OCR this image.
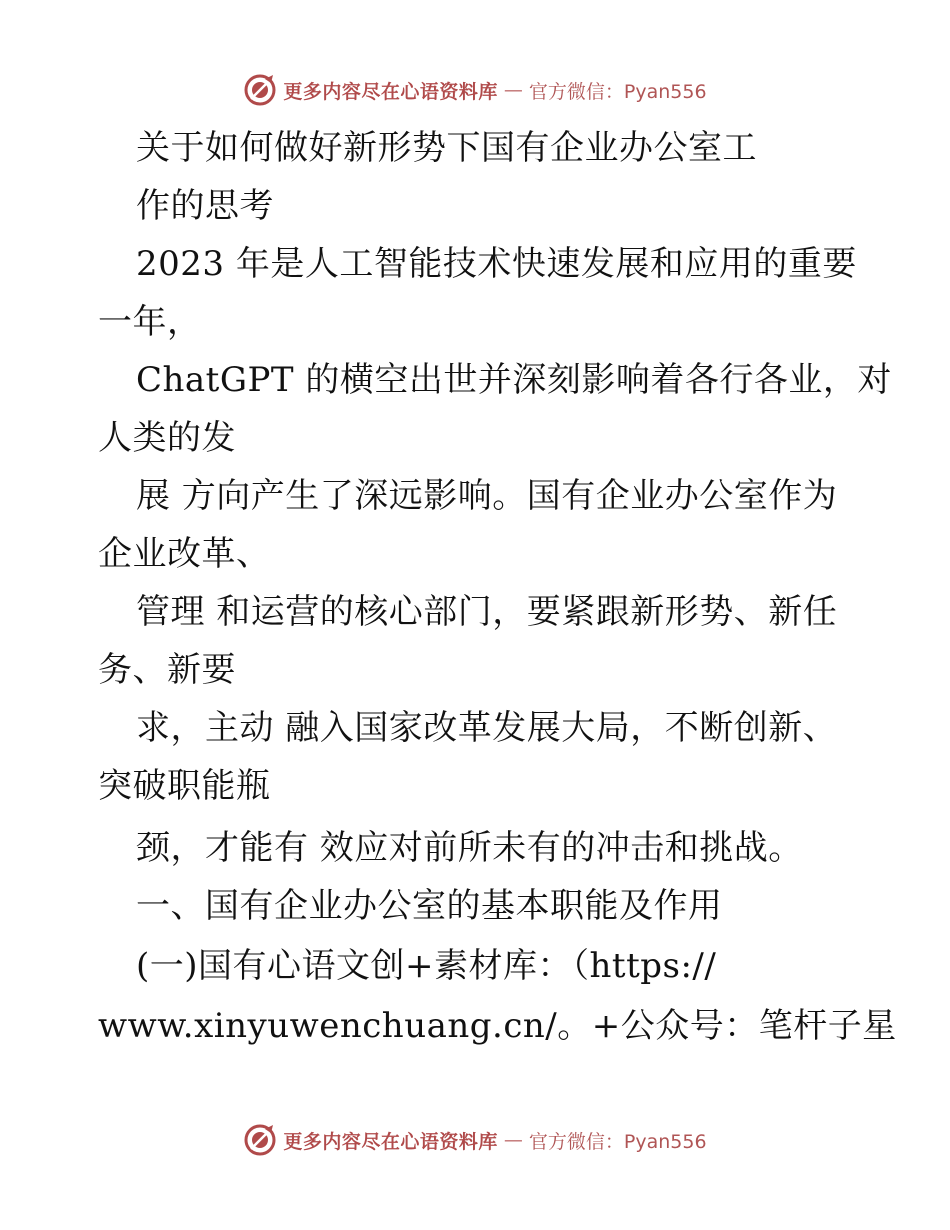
更多内容尽在心语资料库 — 官方微信：Pyan556
关于如何做好新形势下国有企业办公室工
作的思考
2023 年是人工智能技术快速发展和应用的重要
一年，
ChatGPT 的横空出世并深刻影响着各行各业，对
人类的发
展 方向产生了深远影响。国有企业办公室作为
企业改革、
管理 和运营的核心部门，要紧跟新形势、新任
务、新要
求，主动 融入国家改革发展大局，不断创新、
突破职能瓶
颈，才能有 效应对前所未有的冲击和挑战。
一、国有企业办公室的基本职能及作用
(一)国有心语文创+素材库：（https://
www.xinyuwenchuang.cn/。+公众号：笔杆子星
更多内容尽在心语资料库 — 官方微信：Pyan556
